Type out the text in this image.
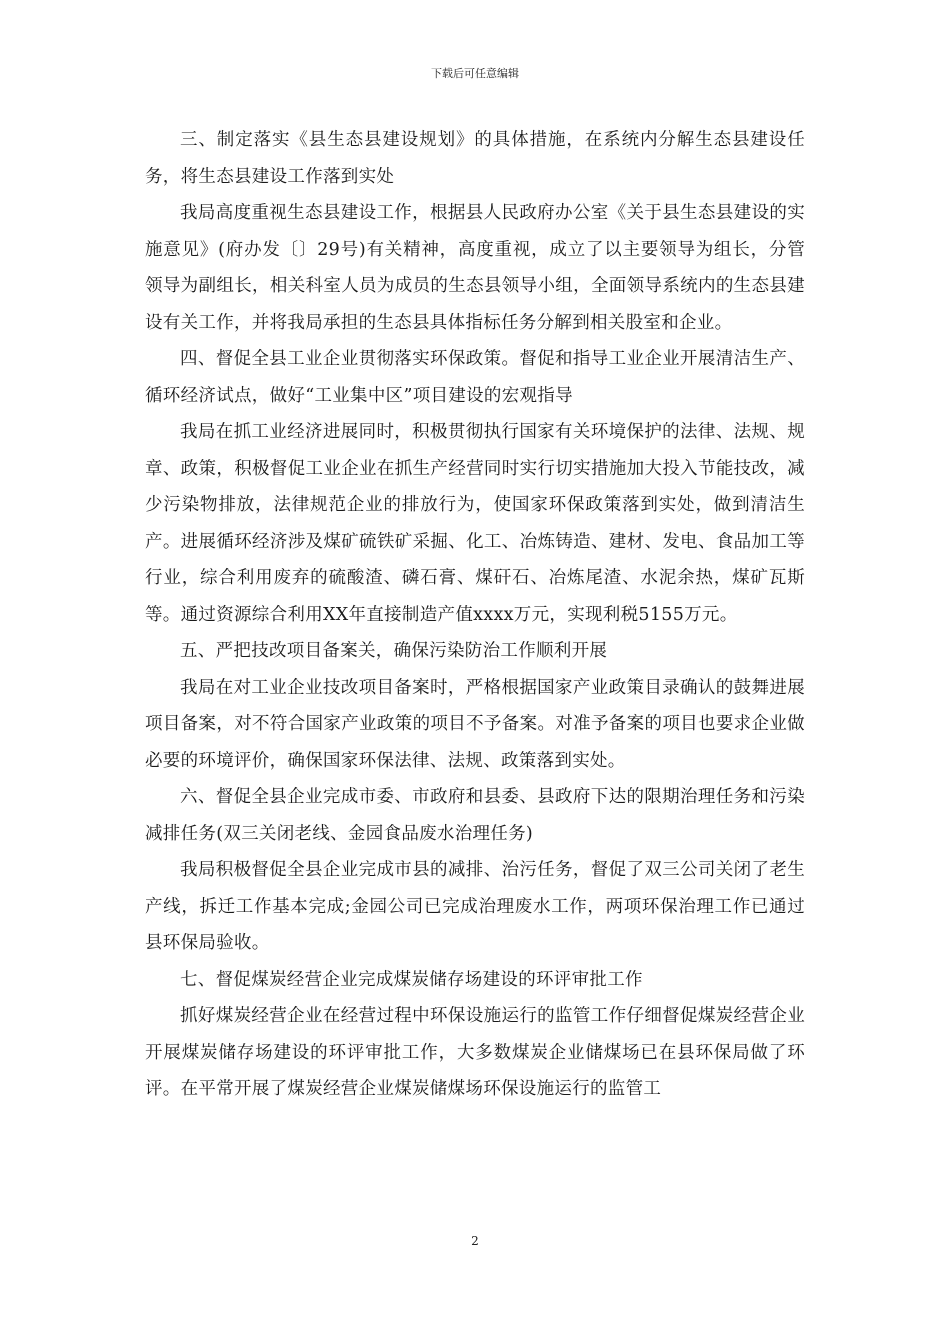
下载后可任意编辑

三、制定落实《县生态县建设规划》的具体措施，在系统内分解生态县建设任务，将生态县建设工作落到实处

我局高度重视生态县建设工作，根据县人民政府办公室《关于县生态县建设的实施意见》(府办发〔〕29号)有关精神，高度重视，成立了以主要领导为组长，分管领导为副组长，相关科室人员为成员的生态县领导小组，全面领导系统内的生态县建设有关工作，并将我局承担的生态县具体指标任务分解到相关股室和企业。

四、督促全县工业企业贯彻落实环保政策。督促和指导工业企业开展清洁生产、循环经济试点，做好“工业集中区”项目建设的宏观指导

我局在抓工业经济进展同时，积极贯彻执行国家有关环境保护的法律、法规、规章、政策，积极督促工业企业在抓生产经营同时实行切实措施加大投入节能技改，减少污染物排放，法律规范企业的排放行为，使国家环保政策落到实处，做到清洁生产。进展循环经济涉及煤矿硫铁矿采掘、化工、冶炼铸造、建材、发电、食品加工等行业，综合利用废弃的硫酸渣、磷石膏、煤矸石、冶炼尾渣、水泥余热，煤矿瓦斯等。通过资源综合利用XX年直接制造产值xxxx万元，实现利税5155万元。

五、严把技改项目备案关，确保污染防治工作顺利开展

我局在对工业企业技改项目备案时，严格根据国家产业政策目录确认的鼓舞进展项目备案，对不符合国家产业政策的项目不予备案。对准予备案的项目也要求企业做必要的环境评价，确保国家环保法律、法规、政策落到实处。

六、督促全县企业完成市委、市政府和县委、县政府下达的限期治理任务和污染减排任务(双三关闭老线、金园食品废水治理任务)

我局积极督促全县企业完成市县的减排、治污任务，督促了双三公司关闭了老生产线，拆迁工作基本完成;金园公司已完成治理废水工作，两项环保治理工作已通过县环保局验收。

七、督促煤炭经营企业完成煤炭储存场建设的环评审批工作

抓好煤炭经营企业在经营过程中环保设施运行的监管工作仔细督促煤炭经营企业开展煤炭储存场建设的环评审批工作，大多数煤炭企业储煤场已在县环保局做了环评。在平常开展了煤炭经营企业煤炭储煤场环保设施运行的监管工

2
